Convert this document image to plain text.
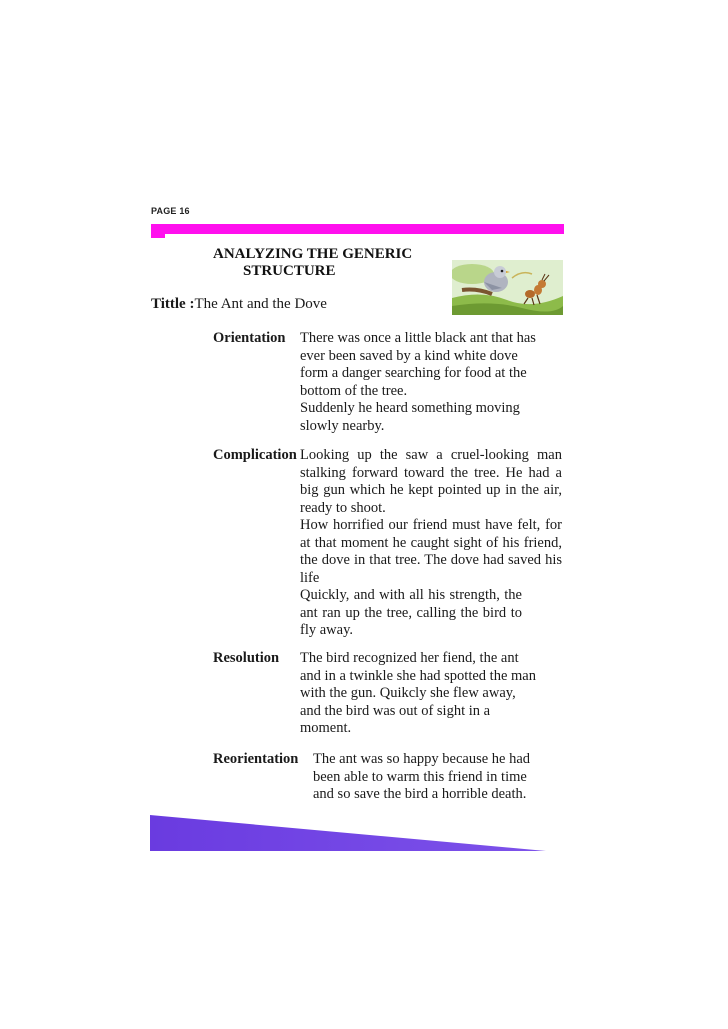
PAGE 16
ANALYZING THE GENERIC
STRUCTURE
Tittle :The Ant and the Dove
Orientation There was once a little black ant that has

ever been saved by a kind white dove

form a danger searching for food at the

bottom of the tree.

Suddenly he heard something moving

slowly nearby.

Complication Looking up the saw a cruel-looking man stalking forward toward the tree. He had a big gun which he kept pointed up in the air, ready to shoot.

How horrified our friend must have felt, for at that moment he caught sight of his friend, the dove in that tree. The dove had saved his life

Quickly, and with all his strength, the ant ran up the tree, calling the bird to fly away.

Resolution The bird recognized her fiend, the ant

and in a twinkle she had spotted the man

with the gun. Quikcly she flew away,

and the bird was out of sight in a

moment.

Reorientation The ant was so happy because he had

been able to warm this friend in time

and so save the bird a horrible death.
